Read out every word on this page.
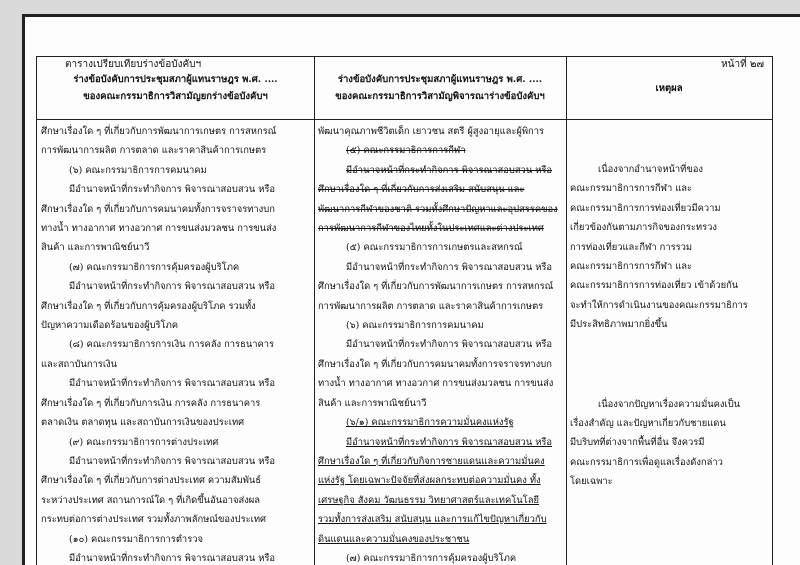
ตารางเปรียบเทียบร่างข้อบังคับฯ	หน้าที่ ๒๗
ร่างข้อบังคับการประชุมสภาผู้แทนราษฎร พ.ศ. ....
ของคณะกรรมาธิการวิสามัญยกร่างข้อบังคับฯ
ศึกษาเรื่องใด ๆ ที่เกี่ยวกับการพัฒนาการเกษตร การสหกรณ์
การพัฒนาการผลิต การตลาด และราคาสินค้าการเกษตร
(๖) คณะกรรมาธิการการคมนาคม
มีอำนาจหน้าที่กระทำกิจการ พิจารณาสอบสวน หรือ
ศึกษาเรื่องใด ๆ ที่เกี่ยวกับการคมนาคมทั้งการจราจรทางบก
ทางน้ำ ทางอากาศ ทางอวกาศ การขนส่งมวลชน การขนส่ง
สินค้า และการพาณิชย์นาวี
(๗) คณะกรรมาธิการการคุ้มครองผู้บริโภค
มีอำนาจหน้าที่กระทำกิจการ พิจารณาสอบสวน หรือ
ศึกษาเรื่องใด ๆ ที่เกี่ยวกับการคุ้มครองผู้บริโภค รวมทั้ง
ปัญหาความเดือดร้อนของผู้บริโภค
(๘) คณะกรรมาธิการการเงิน การคลัง การธนาคาร
และสถาบันการเงิน
มีอำนาจหน้าที่กระทำกิจการ พิจารณาสอบสวน หรือ
ศึกษาเรื่องใด ๆ ที่เกี่ยวกับการเงิน การคลัง การธนาคาร
ตลาดเงิน ตลาดทุน และสถาบันการเงินของประเทศ
(๙) คณะกรรมาธิการการต่างประเทศ
มีอำนาจหน้าที่กระทำกิจการ พิจารณาสอบสวน หรือ
ศึกษาเรื่องใด ๆ ที่เกี่ยวกับการต่างประเทศ ความสัมพันธ์
ระหว่างประเทศ สถานการณ์ใด ๆ ที่เกิดขึ้นอันอาจส่งผล
กระทบต่อการต่างประเทศ รวมทั้งภาพลักษณ์ของประเทศ
(๑๐) คณะกรรมาธิการการตำรวจ
มีอำนาจหน้าที่กระทำกิจการ พิจารณาสอบสวน หรือ
ร่างข้อบังคับการประชุมสภาผู้แทนราษฎร พ.ศ. ....
ของคณะกรรมาธิการวิสามัญพิจารณาร่างข้อบังคับฯ
พัฒนาคุณภาพชีวิตเด็ก เยาวชน สตรี ผู้สูงอายุและผู้พิการ
(๕) คณะกรรมาธิการการกีฬา
มีอำนาจหน้าที่กระทำกิจการ พิจารณาสอบสวน หรือ
ศึกษาเรื่องใด ๆ ที่เกี่ยวกับการส่งเสริม สนับสนุน และ
พัฒนาการกีฬาของชาติ รวมทั้งศึกษาปัญหาและอุปสรรคของ
การพัฒนาการกีฬาของไทยทั้งในประเทศและต่างประเทศ
(๕) คณะกรรมาธิการการเกษตรและสหกรณ์
มีอำนาจหน้าที่กระทำกิจการ พิจารณาสอบสวน หรือ
ศึกษาเรื่องใด ๆ ที่เกี่ยวกับการพัฒนาการเกษตร การสหกรณ์
การพัฒนาการผลิต การตลาด และราคาสินค้าการเกษตร
(๖) คณะกรรมาธิการการคมนาคม
มีอำนาจหน้าที่กระทำกิจการ พิจารณาสอบสวน หรือ
ศึกษาเรื่องใด ๆ ที่เกี่ยวกับการคมนาคมทั้งการจราจรทางบก
ทางน้ำ ทางอากาศ ทางอวกาศ การขนส่งมวลชน การขนส่ง
สินค้า และการพาณิชย์นาวี
(๖/๑) คณะกรรมาธิการความมั่นคงแห่งรัฐ
มีอำนาจหน้าที่กระทำกิจการ พิจารณาสอบสวน หรือ
ศึกษาเรื่องใด ๆ ที่เกี่ยวกับกิจการชายแดนและความมั่นคง
แห่งรัฐ โดยเฉพาะปัจจัยที่ส่งผลกระทบต่อความมั่นคง ทั้ง
เศรษฐกิจ สังคม วัฒนธรรม วิทยาศาสตร์และเทคโนโลยี
รวมทั้งการส่งเสริม สนับสนุน และการแก้ไขปัญหาเกี่ยวกับ
ดินแดนและความมั่นคงของประชาชน
(๗) คณะกรรมาธิการการคุ้มครองผู้บริโภค
เหตุผล
เนื่องจากอำนาจหน้าที่ของ
คณะกรรมาธิการการกีฬา และ
คณะกรรมาธิการการท่องเที่ยวมีความ
เกี่ยวข้องกันตามภารกิจของกระทรวง
การท่องเที่ยวและกีฬา การรวม
คณะกรรมาธิการการกีฬา และ
คณะกรรมาธิการการท่องเที่ยว เข้าด้วยกัน
จะทำให้การดำเนินงานของคณะกรรมาธิการ
มีประสิทธิภาพมากยิ่งขึ้น
เนื่องจากปัญหาเรื่องความมั่นคงเป็น
เรื่องสำคัญ และปัญหาเกี่ยวกับชายแดน
มีบริบทที่ต่างจากพื้นที่อื่น จึงควรมี
คณะกรรมาธิการเพื่อดูแลเรื่องดังกล่าว
โดยเฉพาะ
